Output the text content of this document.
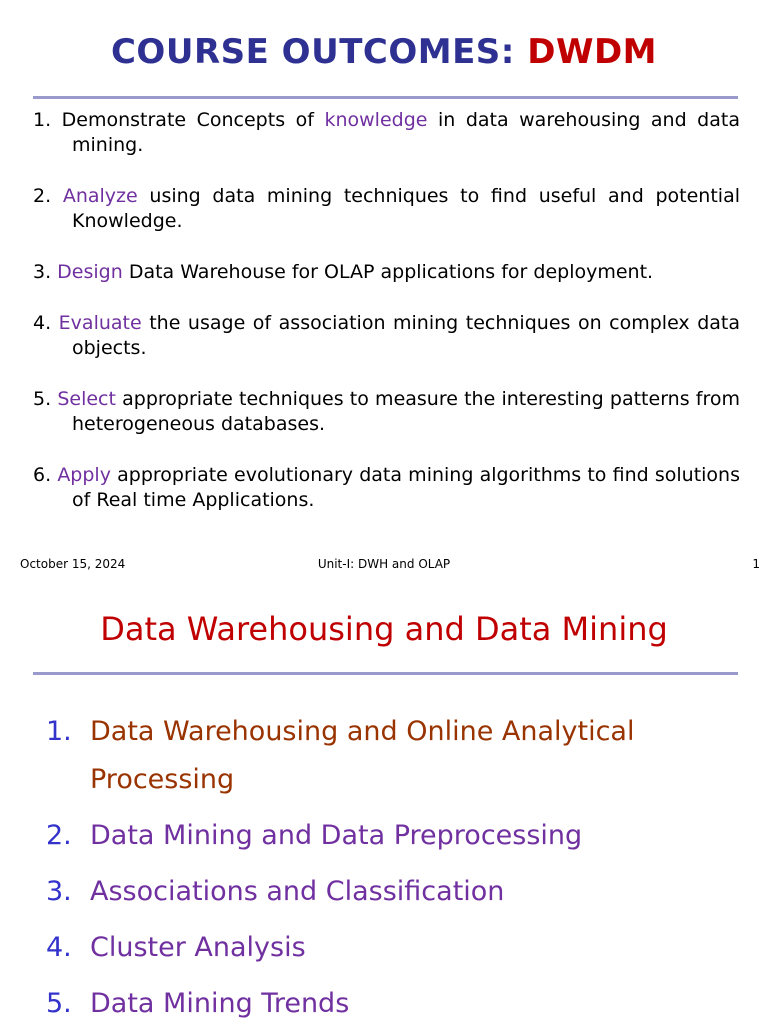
COURSE OUTCOMES: DWDM
1. Demonstrate Concepts of knowledge in data warehousing and data mining.
2. Analyze using data mining techniques to find useful and potential Knowledge.
3. Design Data Warehouse for OLAP applications for deployment.
4. Evaluate the usage of association mining techniques on complex data objects.
5. Select appropriate techniques to measure the interesting patterns from heterogeneous databases.
6. Apply appropriate evolutionary data mining algorithms to find solutions of Real time Applications.
October 15, 2024	Unit-I: DWH and OLAP	1
Data Warehousing and Data Mining
1. Data Warehousing and Online Analytical Processing
2. Data Mining and Data Preprocessing
3. Associations and Classification
4. Cluster Analysis
5. Data Mining Trends
